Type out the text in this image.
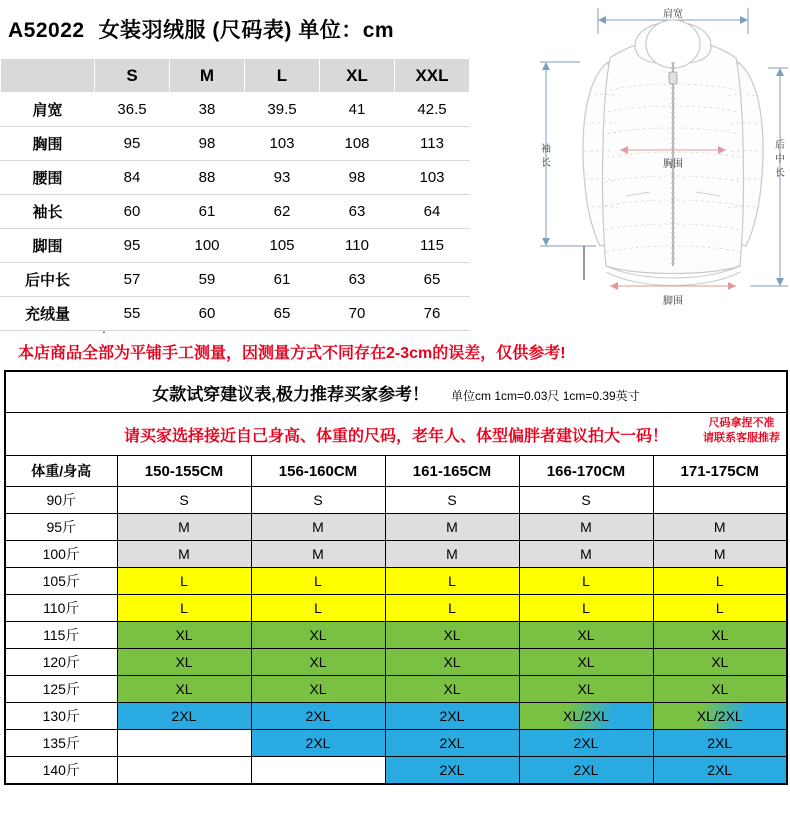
A52022 女装羽绒服 (尺码表) 单位：cm
	S	M	L	XL	XXL
肩宽	36.5	38	39.5	41	42.5
胸围	95	98	103	108	113
腰围	84	88	93	98	103
袖长	60	61	62	63	64
脚围	95	100	105	110	115
后中长	57	59	61	63	65
充绒量	55	60	65	70	76
.
本店商品全部为平铺手工测量，因测量方式不同存在2-3cm的误差，仅供参考!
肩宽
胸围
袖
长
后
中
长
脚围
女款试穿建议表,极力推荐买家参考！ 单位cm 1cm=0.03尺 1cm=0.39英寸					
请买家选择接近自己身高、体重的尺码，老年人、体型偏胖者建议拍大一码！
尺码拿捏不准
请联系客服推荐					

体重/身高	150-155CM	156-160CM	161-165CM	166-170CM	171-175CM
90斤	S	S	S	S	
95斤	M	M	M	M	M
100斤	M	M	M	M	M
105斤	L	L	L	L	L
110斤	L	L	L	L	L
115斤	XL	XL	XL	XL	XL
120斤	XL	XL	XL	XL	XL
125斤	XL	XL	XL	XL	XL
130斤	2XL	2XL	2XL	XL/2XL	XL/2XL
135斤		2XL	2XL	2XL	2XL
140斤			2XL	2XL	2XL
